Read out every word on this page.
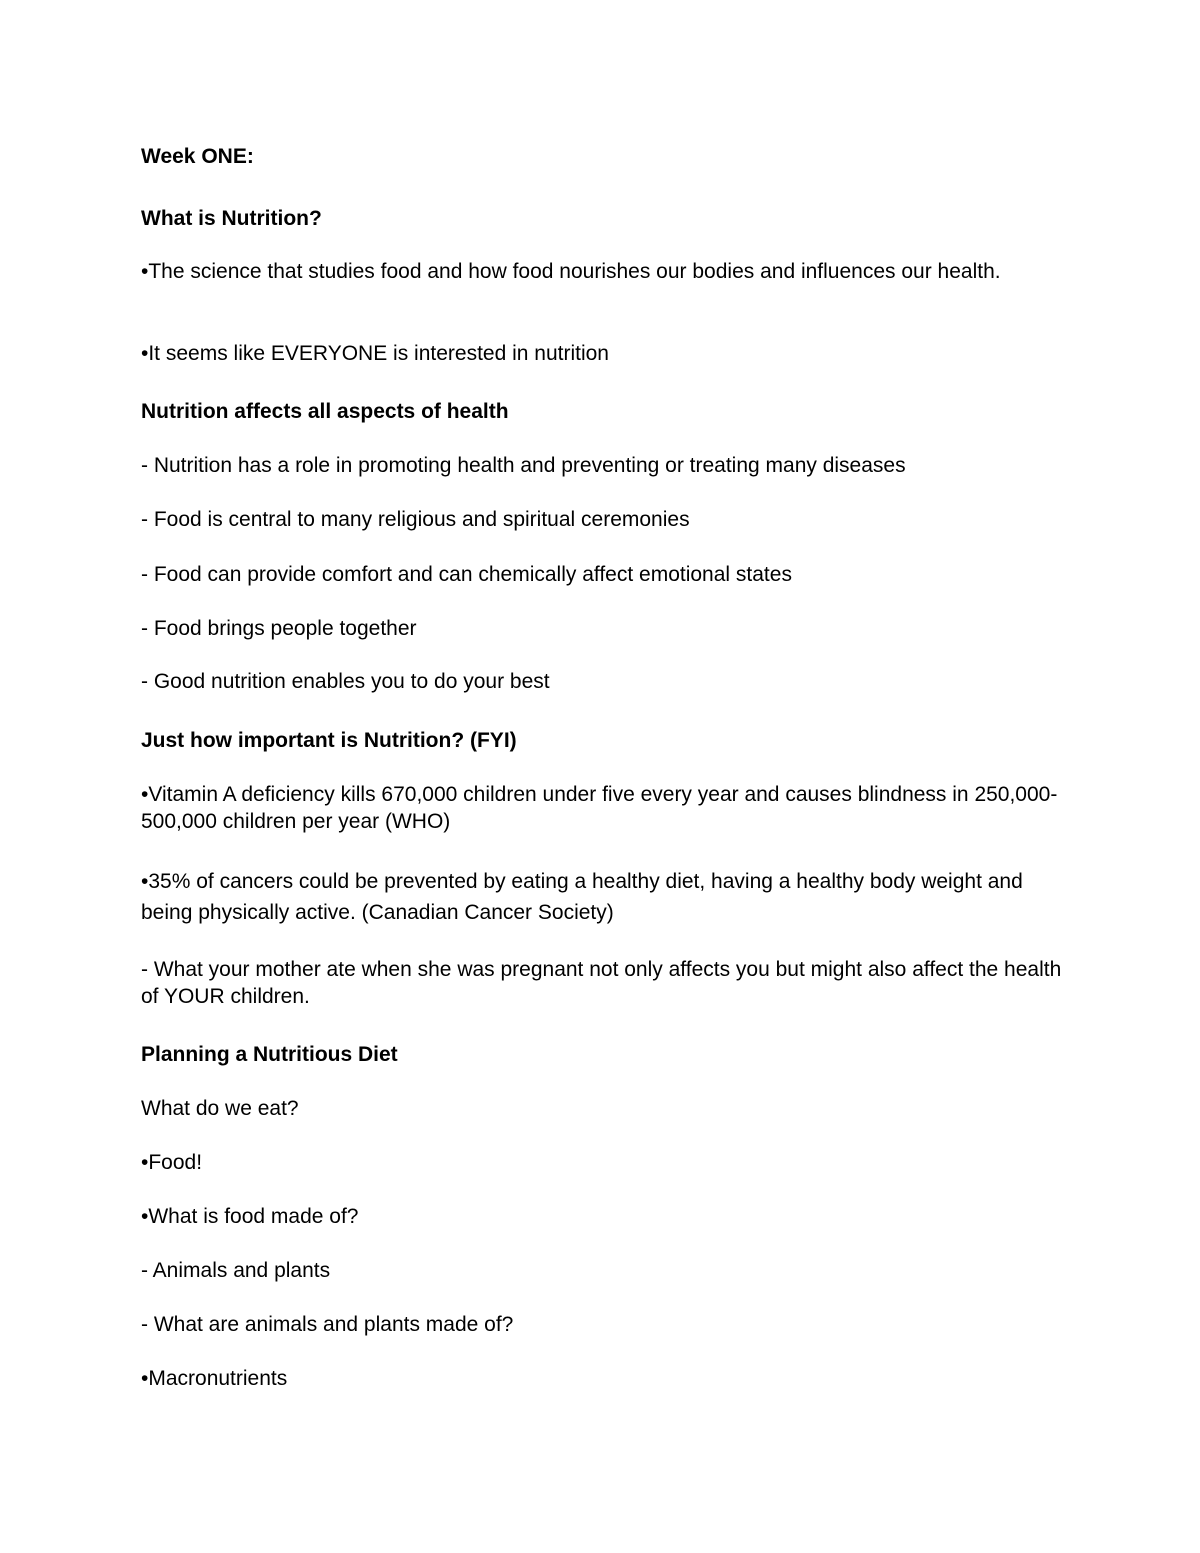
Week ONE:
What is Nutrition?
•The science that studies food and how food nourishes our bodies and influences our health.
•It seems like EVERYONE is interested in nutrition
Nutrition affects all aspects of health
- Nutrition has a role in promoting health and preventing or treating many diseases
- Food is central to many religious and spiritual ceremonies
- Food can provide comfort and can chemically affect emotional states
- Food brings people together
- Good nutrition enables you to do your best
Just how important is Nutrition? (FYI)
•Vitamin A deficiency kills 670,000 children under five every year and causes blindness in 250,000-500,000 children per year (WHO)
•35% of cancers could be prevented by eating a healthy diet, having a healthy body weight and being physically active. (Canadian Cancer Society)
- What your mother ate when she was pregnant not only affects you but might also affect the health of YOUR children.
Planning a Nutritious Diet
What do we eat?
•Food!
•What is food made of?
- Animals and plants
- What are animals and plants made of?
•Macronutrients
